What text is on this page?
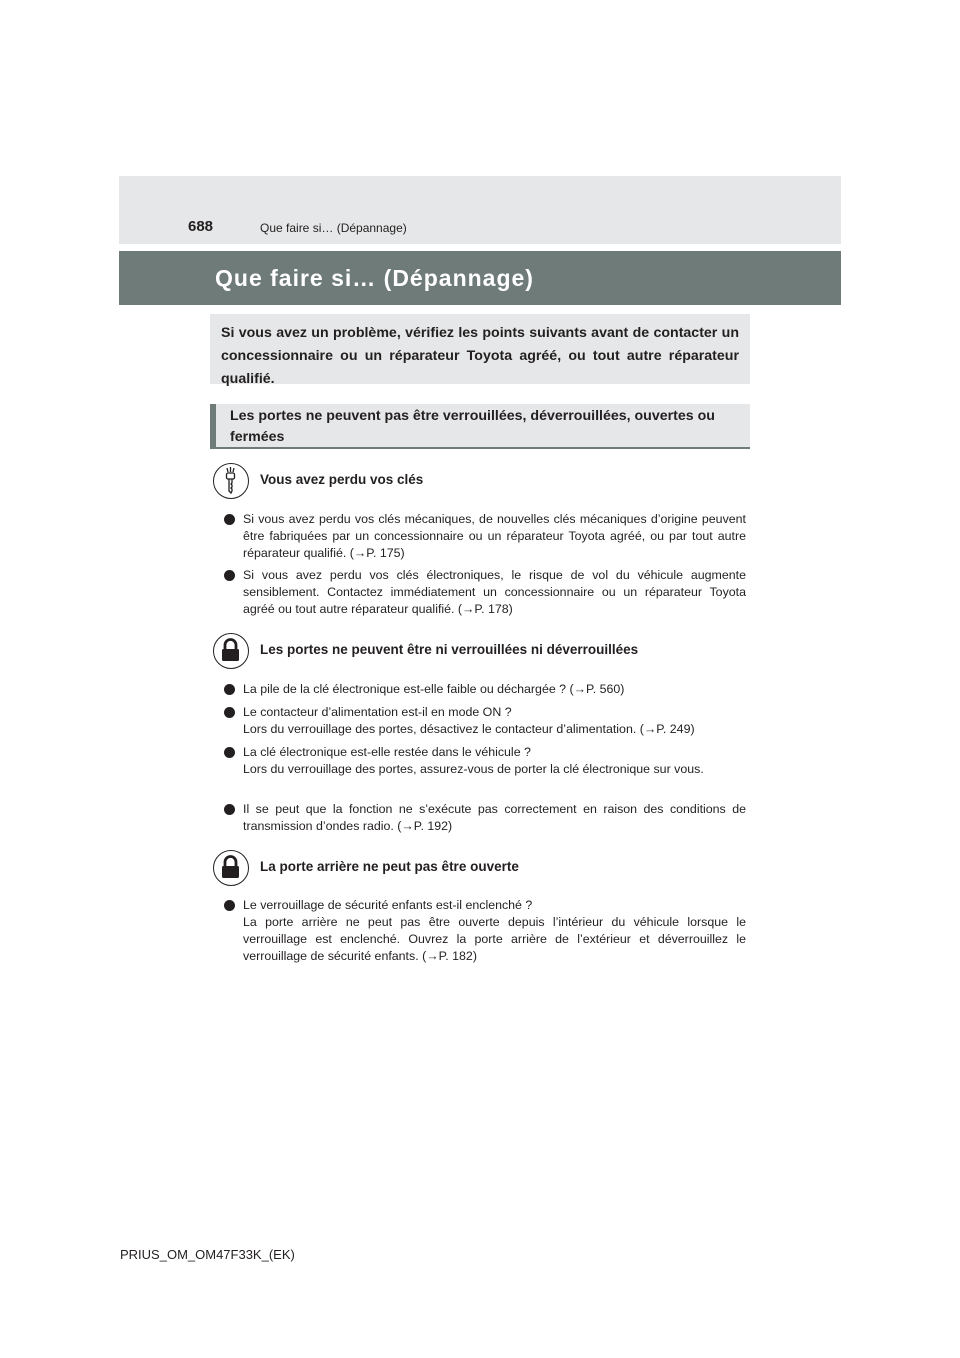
688	Que faire si… (Dépannage)
Que faire si… (Dépannage)
Si vous avez un problème, vérifiez les points suivants avant de contacter un concessionnaire ou un réparateur Toyota agréé, ou tout autre réparateur qualifié.
Les portes ne peuvent pas être verrouillées, déverrouillées, ouvertes ou fermées
Vous avez perdu vos clés
Si vous avez perdu vos clés mécaniques, de nouvelles clés mécaniques d’origine peuvent être fabriquées par un concessionnaire ou un réparateur Toyota agréé, ou par tout autre réparateur qualifié. (→P. 175)
Si vous avez perdu vos clés électroniques, le risque de vol du véhicule augmente sensiblement. Contactez immédiatement un concessionnaire ou un réparateur Toyota agréé ou tout autre réparateur qualifié. (→P. 178)
Les portes ne peuvent être ni verrouillées ni déverrouillées
La pile de la clé électronique est-elle faible ou déchargée ? (→P. 560)
Le contacteur d’alimentation est-il en mode ON ?
Lors du verrouillage des portes, désactivez le contacteur d’alimentation. (→P. 249)
La clé électronique est-elle restée dans le véhicule ?
Lors du verrouillage des portes, assurez-vous de porter la clé électronique sur vous.
Il se peut que la fonction ne s’exécute pas correctement en raison des conditions de transmission d’ondes radio. (→P. 192)
La porte arrière ne peut pas être ouverte
Le verrouillage de sécurité enfants est-il enclenché ?
La porte arrière ne peut pas être ouverte depuis l’intérieur du véhicule lorsque le verrouillage est enclenché. Ouvrez la porte arrière de l’extérieur et déverrouillez le verrouillage de sécurité enfants. (→P. 182)
PRIUS_OM_OM47F33K_(EK)
